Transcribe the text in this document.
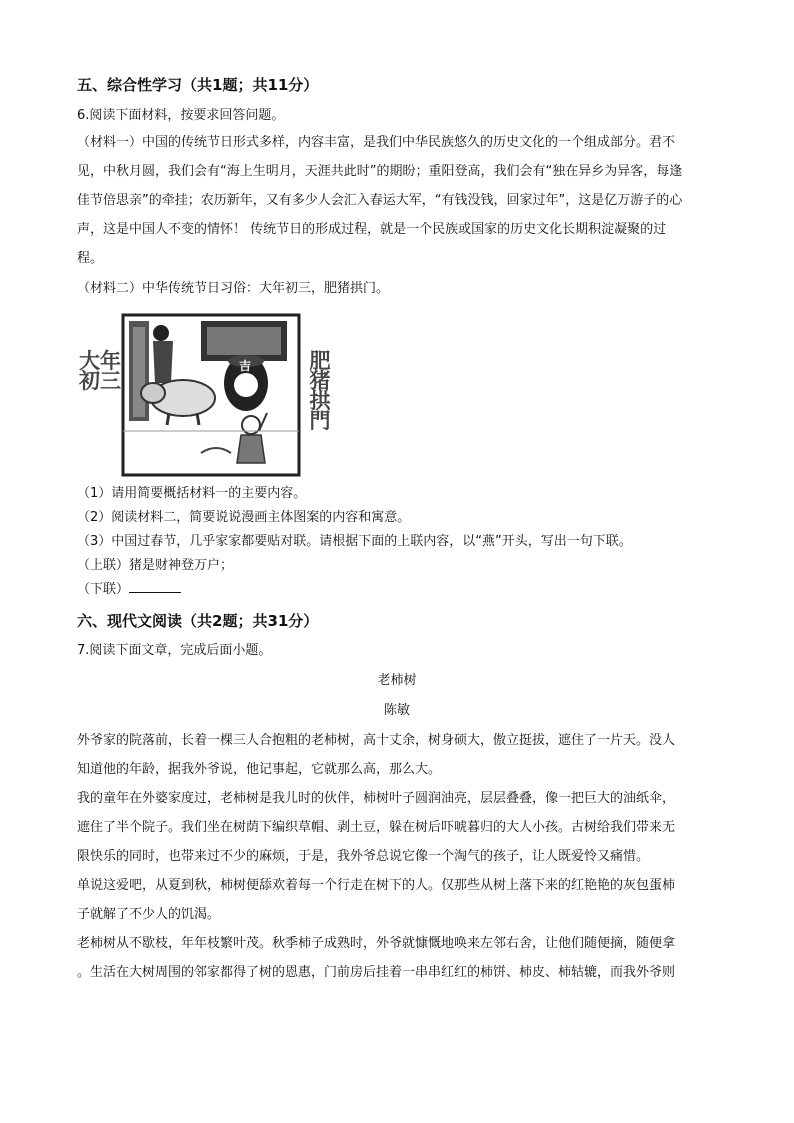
五、综合性学习（共1题；共11分）

6.阅读下面材料，按要求回答问题。

（材料一）中国的传统节日形式多样，内容丰富，是我们中华民族悠久的历史文化的一个组成部分。君不

见，中秋月圆，我们会有“海上生明月，天涯共此时”的期盼；重阳登高，我们会有“独在异乡为异客，每逢

佳节倍思亲”的牵挂；农历新年，又有多少人会汇入春运大军，“有钱没钱，回家过年”，这是亿万游子的心

声，这是中国人不变的情怀！ 传统节日的形成过程，就是一个民族或国家的历史文化长期积淀凝聚的过

程。

（材料二）中华传统节日习俗：大年初三，肥猪拱门。

大年
初三
肥
猪
拱
門
吉

（1）请用简要概括材料一的主要内容。

（2）阅读材料二，简要说说漫画主体图案的内容和寓意。

（3）中国过春节，几乎家家都要贴对联。请根据下面的上联内容，以“燕”开头，写出一句下联。

（上联）猪是财神登万户；

（下联）

六、现代文阅读（共2题；共31分）

7.阅读下面文章，完成后面小题。

老柿树

陈敏

外爷家的院落前，长着一棵三人合抱粗的老柿树，高十丈余，树身硕大，傲立挺拔，遮住了一片天。没人

知道他的年龄，据我外爷说，他记事起，它就那么高，那么大。

我的童年在外婆家度过，老柿树是我儿时的伙伴，柿树叶子圆润油亮，层层叠叠，像一把巨大的油纸伞，

遮住了半个院子。我们坐在树荫下编织草帽、剥土豆，躲在树后吓唬暮归的大人小孩。古树给我们带来无

限快乐的同时，也带来过不少的麻烦，于是，我外爷总说它像一个淘气的孩子，让人既爱怜又痛惜。

单说这爱吧，从夏到秋，柿树便舔欢着每一个行走在树下的人。仅那些从树上落下来的红艳艳的灰包蛋柿

子就解了不少人的饥渴。

老柿树从不歇枝，年年枝繁叶茂。秋季柿子成熟时，外爷就慷慨地唤来左邻右舍，让他们随便摘，随便拿

。生活在大树周围的邻家都得了树的恩惠，门前房后挂着一串串红红的柿饼、柿皮、柿轱辘，而我外爷则
